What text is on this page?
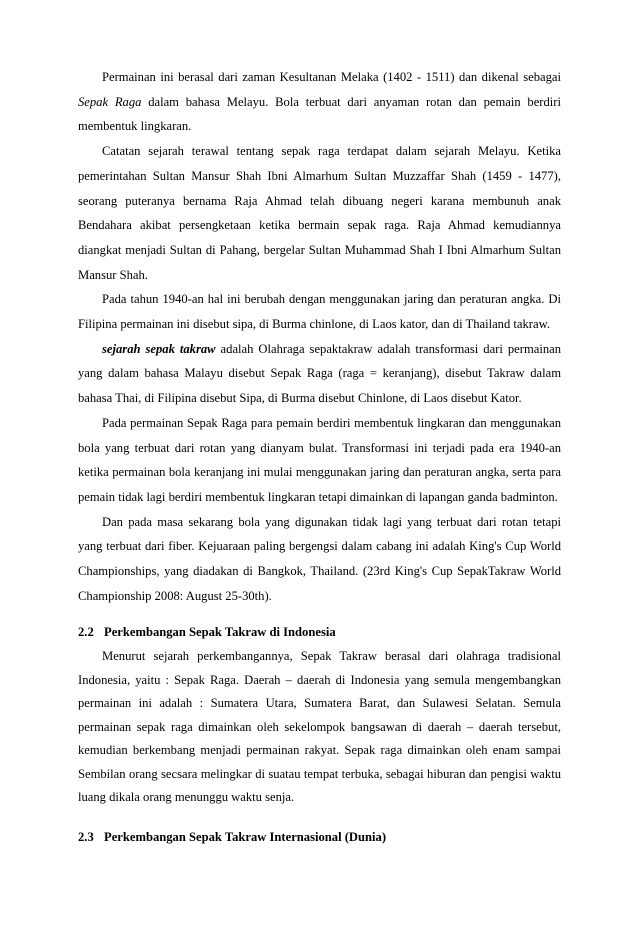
Permainan ini berasal dari zaman Kesultanan Melaka (1402 - 1511) dan dikenal sebagai Sepak Raga dalam bahasa Melayu. Bola terbuat dari anyaman rotan dan pemain berdiri membentuk lingkaran.

Catatan sejarah terawal tentang sepak raga terdapat dalam sejarah Melayu. Ketika pemerintahan Sultan Mansur Shah Ibni Almarhum Sultan Muzzaffar Shah (1459 - 1477), seorang puteranya bernama Raja Ahmad telah dibuang negeri karana membunuh anak Bendahara akibat persengketaan ketika bermain sepak raga. Raja Ahmad kemudiannya diangkat menjadi Sultan di Pahang, bergelar Sultan Muhammad Shah I Ibni Almarhum Sultan Mansur Shah.

Pada tahun 1940-an hal ini berubah dengan menggunakan jaring dan peraturan angka. Di Filipina permainan ini disebut sipa, di Burma chinlone, di Laos kator, dan di Thailand takraw.

sejarah sepak takraw adalah Olahraga sepaktakraw adalah transformasi dari permainan yang dalam bahasa Malayu disebut Sepak Raga (raga = keranjang), disebut Takraw dalam bahasa Thai, di Filipina disebut Sipa, di Burma disebut Chinlone, di Laos disebut Kator.

Pada permainan Sepak Raga para pemain berdiri membentuk lingkaran dan menggunakan bola yang terbuat dari rotan yang dianyam bulat. Transformasi ini terjadi pada era 1940-an ketika permainan bola keranjang ini mulai menggunakan jaring dan peraturan angka, serta para pemain tidak lagi berdiri membentuk lingkaran tetapi dimainkan di lapangan ganda badminton.

Dan pada masa sekarang bola yang digunakan tidak lagi yang terbuat dari rotan tetapi yang terbuat dari fiber. Kejuaraan paling bergengsi dalam cabang ini adalah King's Cup World Championships, yang diadakan di Bangkok, Thailand. (23rd King's Cup SepakTakraw World Championship 2008: August 25-30th).

2.2 Perkembangan Sepak Takraw di Indonesia

Menurut sejarah perkembangannya, Sepak Takraw berasal dari olahraga tradisional Indonesia, yaitu : Sepak Raga. Daerah – daerah di Indonesia yang semula mengembangkan permainan ini adalah : Sumatera Utara, Sumatera Barat, dan Sulawesi Selatan. Semula permainan sepak raga dimainkan oleh sekelompok bangsawan di daerah – daerah tersebut, kemudian berkembang menjadi permainan rakyat. Sepak raga dimainkan oleh enam sampai Sembilan orang secsara melingkar di suatau tempat terbuka, sebagai hiburan dan pengisi waktu luang dikala orang menunggu waktu senja.

2.3 Perkembangan Sepak Takraw Internasional (Dunia)
